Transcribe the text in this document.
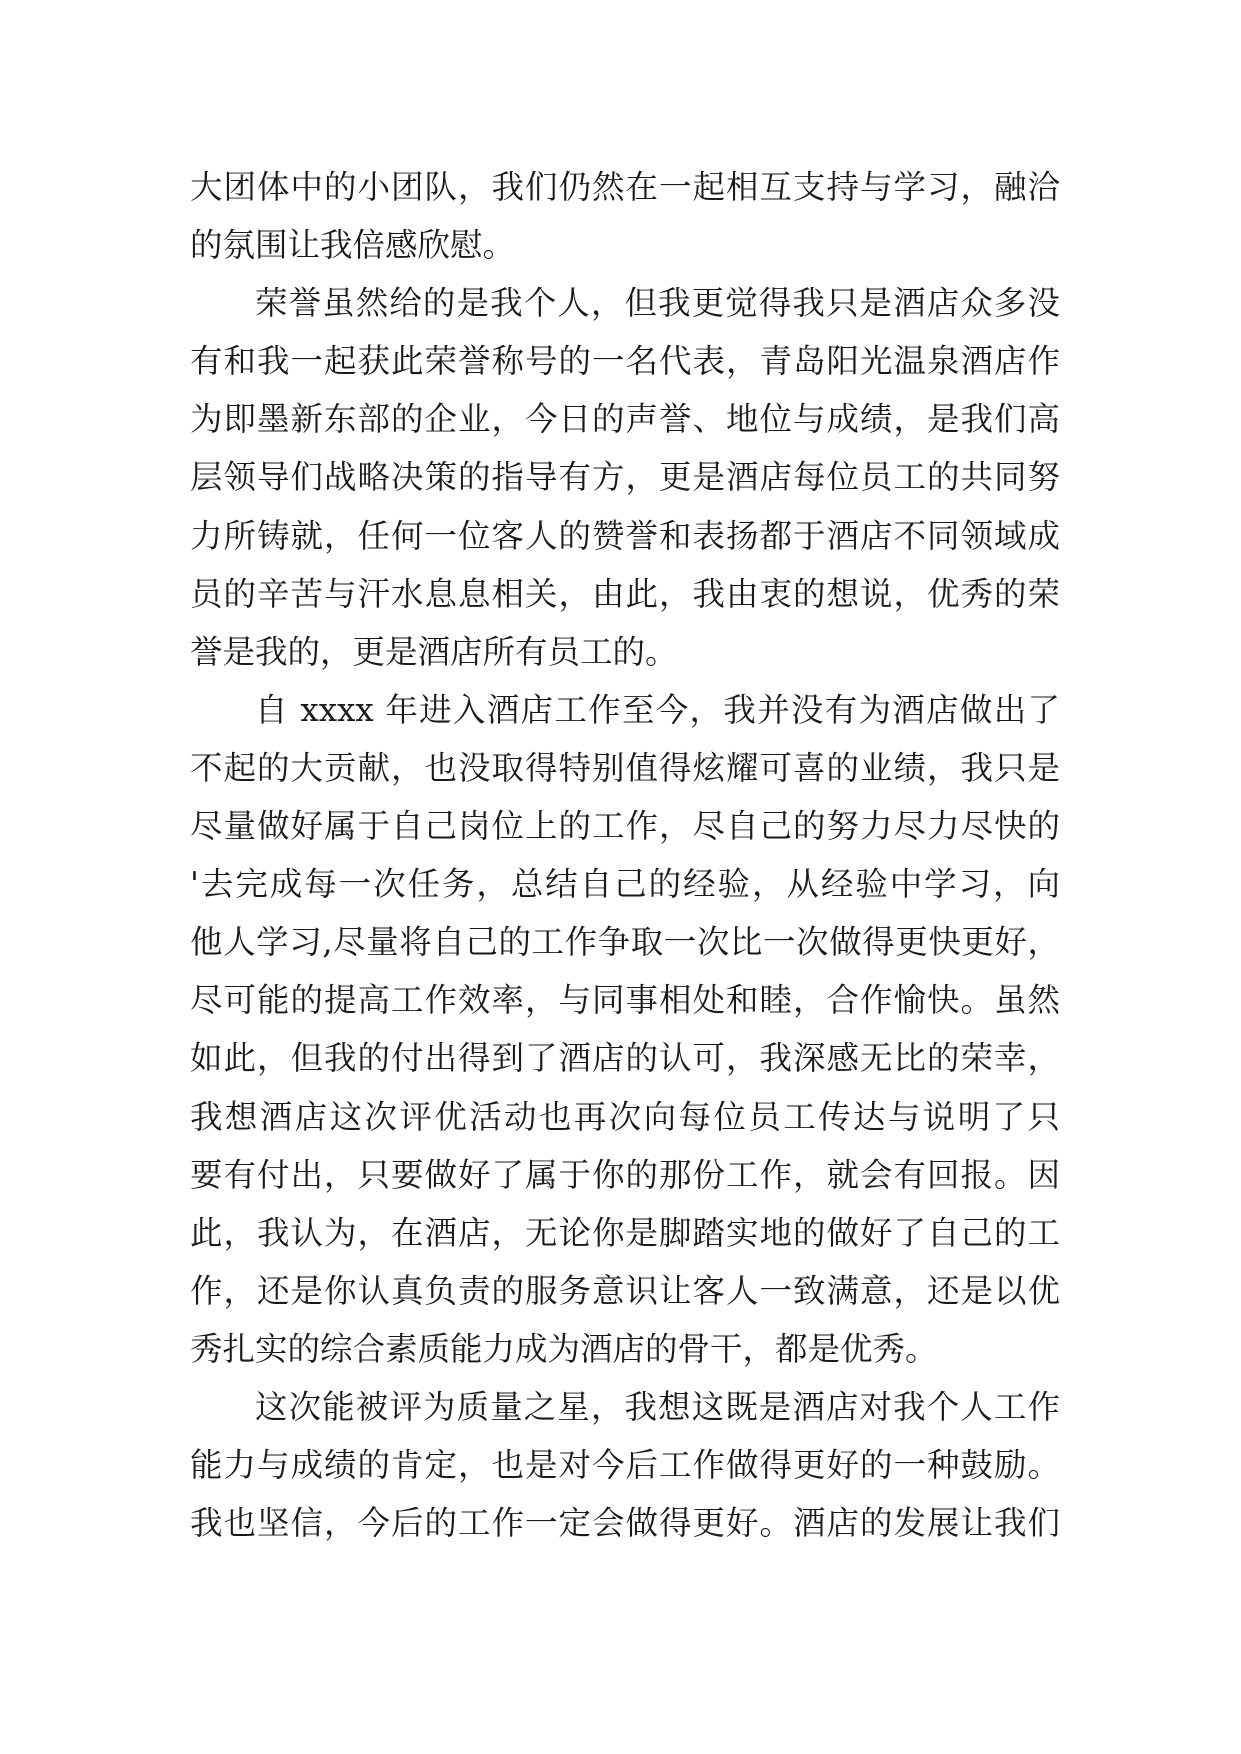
大团体中的小团队，我们仍然在一起相互支持与学习，融洽
的氛围让我倍感欣慰。
荣誉虽然给的是我个人，但我更觉得我只是酒店众多没
有和我一起获此荣誉称号的一名代表，青岛阳光温泉酒店作
为即墨新东部的企业，今日的声誉、地位与成绩，是我们高
层领导们战略决策的指导有方，更是酒店每位员工的共同努
力所铸就，任何一位客人的赞誉和表扬都于酒店不同领域成
员的辛苦与汗水息息相关，由此，我由衷的想说，优秀的荣
誉是我的，更是酒店所有员工的。
自 xxxx 年进入酒店工作至今，我并没有为酒店做出了
不起的大贡献，也没取得特别值得炫耀可喜的业绩，我只是
尽量做好属于自己岗位上的工作，尽自己的努力尽力尽快的
'去完成每一次任务，总结自己的经验，从经验中学习，向
他人学习,尽量将自己的工作争取一次比一次做得更快更好，
尽可能的提高工作效率，与同事相处和睦，合作愉快。虽然
如此，但我的付出得到了酒店的认可，我深感无比的荣幸，
我想酒店这次评优活动也再次向每位员工传达与说明了只
要有付出，只要做好了属于你的那份工作，就会有回报。因
此，我认为，在酒店，无论你是脚踏实地的做好了自己的工
作，还是你认真负责的服务意识让客人一致满意，还是以优
秀扎实的综合素质能力成为酒店的骨干，都是优秀。
这次能被评为质量之星，我想这既是酒店对我个人工作
能力与成绩的肯定，也是对今后工作做得更好的一种鼓励。
我也坚信，今后的工作一定会做得更好。酒店的发展让我们
